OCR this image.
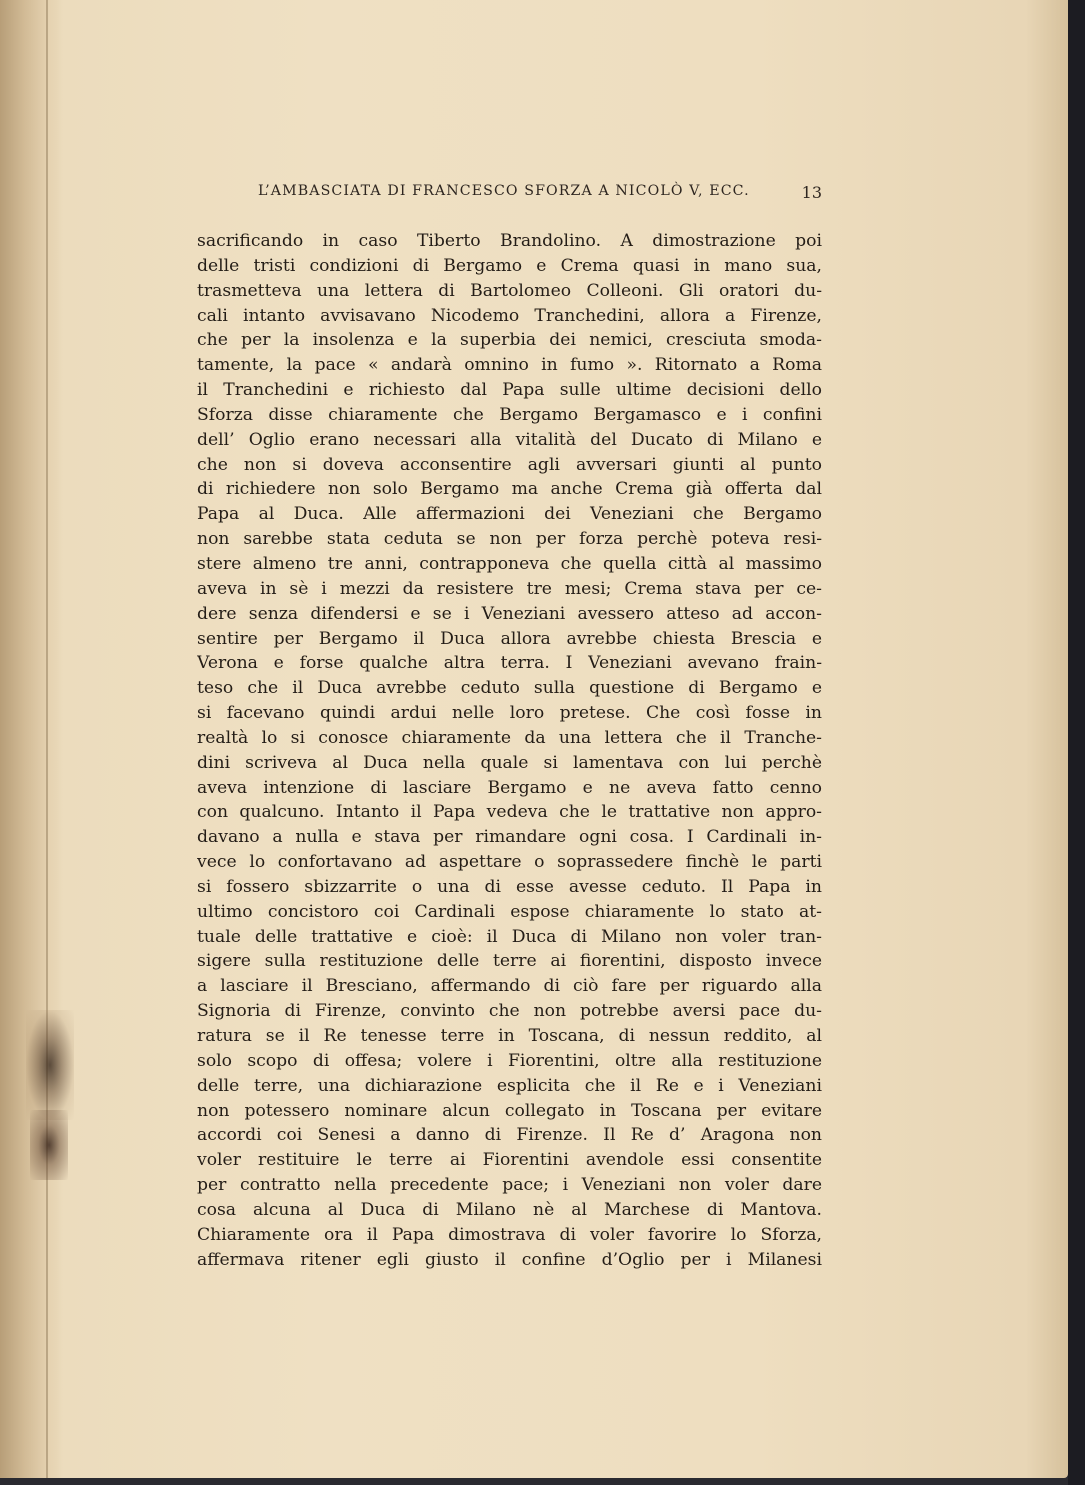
L’AMBASCIATA DI FRANCESCO SFORZA A NICOLÒ V, ECC.	13
sacrificando in caso Tiberto Brandolino. A dimostrazione poi
delle tristi condizioni di Bergamo e Crema quasi in mano sua,
trasmetteva una lettera di Bartolomeo Colleoni. Gli oratori du-
cali intanto avvisavano Nicodemo Tranchedini, allora a Firenze,
che per la insolenza e la superbia dei nemici, cresciuta smoda-
tamente, la pace « andarà omnino in fumo ». Ritornato a Roma
il Tranchedini e richiesto dal Papa sulle ultime decisioni dello
Sforza disse chiaramente che Bergamo Bergamasco e i confini
dell’ Oglio erano necessari alla vitalità del Ducato di Milano e
che non si doveva acconsentire agli avversari giunti al punto
di richiedere non solo Bergamo ma anche Crema già offerta dal
Papa al Duca. Alle affermazioni dei Veneziani che Bergamo
non sarebbe stata ceduta se non per forza perchè poteva resi-
stere almeno tre anni, contrapponeva che quella città al massimo
aveva in sè i mezzi da resistere tre mesi; Crema stava per ce-
dere senza difendersi e se i Veneziani avessero atteso ad accon-
sentire per Bergamo il Duca allora avrebbe chiesta Brescia e
Verona e forse qualche altra terra. I Veneziani avevano frain-
teso che il Duca avrebbe ceduto sulla questione di Bergamo e
si facevano quindi ardui nelle loro pretese. Che così fosse in
realtà lo si conosce chiaramente da una lettera che il Tranche-
dini scriveva al Duca nella quale si lamentava con lui perchè
aveva intenzione di lasciare Bergamo e ne aveva fatto cenno
con qualcuno. Intanto il Papa vedeva che le trattative non appro-
davano a nulla e stava per rimandare ogni cosa. I Cardinali in-
vece lo confortavano ad aspettare o soprassedere finchè le parti
si fossero sbizzarrite o una di esse avesse ceduto. Il Papa in
ultimo concistoro coi Cardinali espose chiaramente lo stato at-
tuale delle trattative e cioè: il Duca di Milano non voler tran-
sigere sulla restituzione delle terre ai fiorentini, disposto invece
a lasciare il Bresciano, affermando di ciò fare per riguardo alla
Signoria di Firenze, convinto che non potrebbe aversi pace du-
ratura se il Re tenesse terre in Toscana, di nessun reddito, al
solo scopo di offesa; volere i Fiorentini, oltre alla restituzione
delle terre, una dichiarazione esplicita che il Re e i Veneziani
non potessero nominare alcun collegato in Toscana per evitare
accordi coi Senesi a danno di Firenze. Il Re d’ Aragona non
voler restituire le terre ai Fiorentini avendole essi consentite
per contratto nella precedente pace; i Veneziani non voler dare
cosa alcuna al Duca di Milano nè al Marchese di Mantova.
Chiaramente ora il Papa dimostrava di voler favorire lo Sforza,
affermava ritener egli giusto il confine d’Oglio per i Milanesi
